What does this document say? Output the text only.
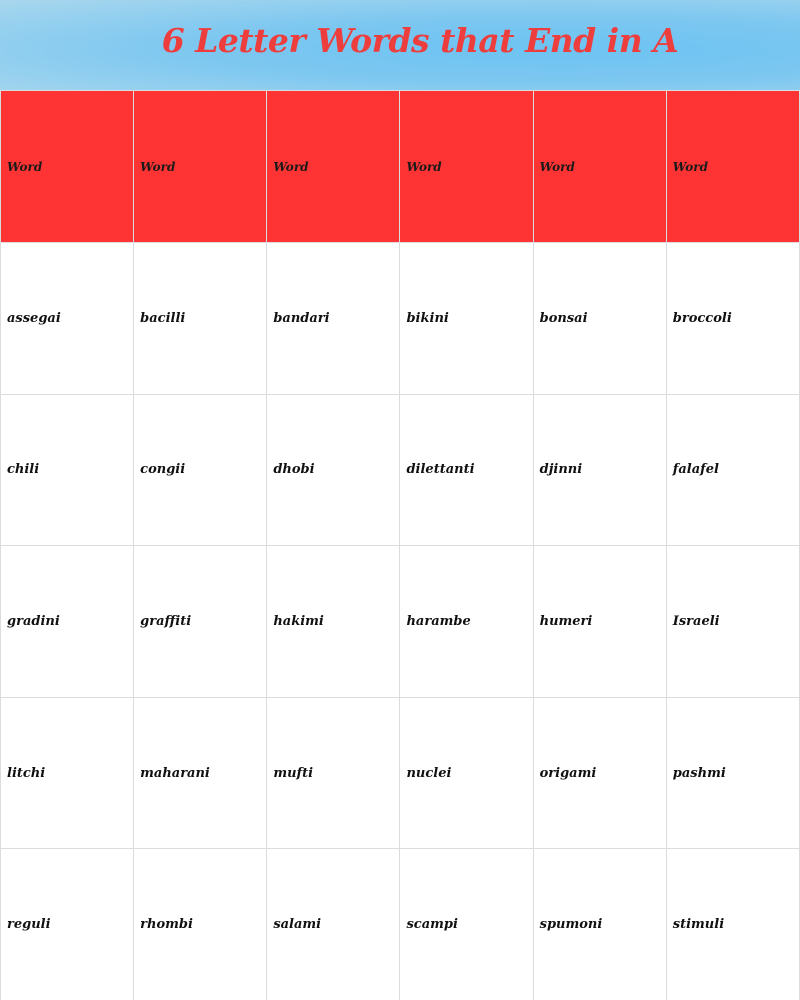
6 Letter Words that End in A
Word	Word	Word	Word	Word	Word
assegai	bacilli	bandari	bikini	bonsai	broccoli
chili	congii	dhobi	dilettanti	djinni	falafel
gradini	graffiti	hakimi	harambe	humeri	Israeli
litchi	maharani	mufti	nuclei	origami	pashmi
reguli	rhombi	salami	scampi	spumoni	stimuli
